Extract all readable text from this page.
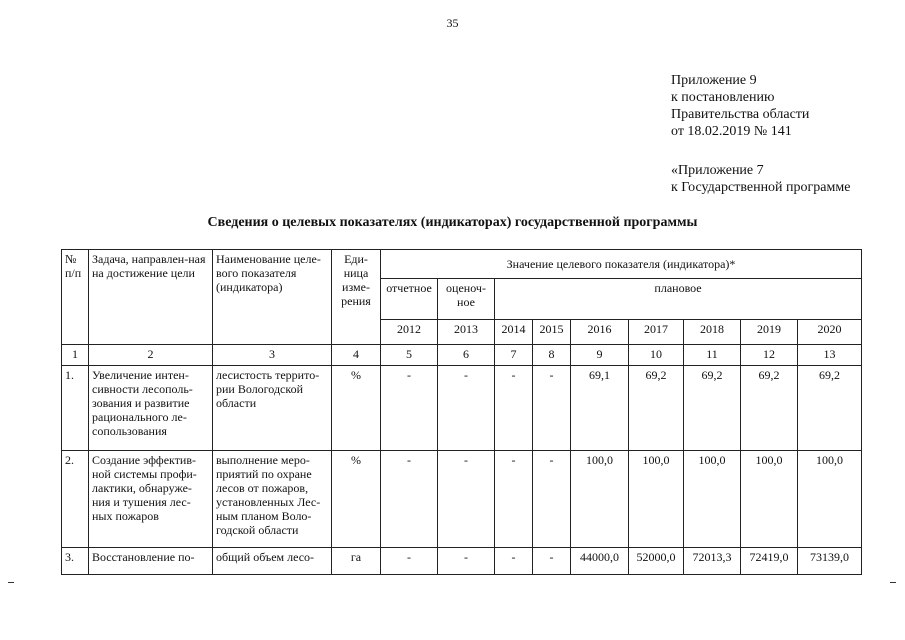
35
Приложение 9
к постановлению
Правительства области
от 18.02.2019 № 141
«Приложение 7
к Государственной программе
Сведения о целевых показателях (индикаторах) государственной программы
№ п/п	Задача, направлен-ная на достижение цели	Наименование целе-вого показателя (индикатора)	Еди-ница изме-рения	Значение целевого показателя (индикатора)*								
				отчетное	оценоч-ное	плановое						
				2012	2013	2014	2015	2016	2017	2018	2019	2020
1	2	3	4	5	6	7	8	9	10	11	12	13
1.	Увеличение интен-сивности лесополь-зования и развитие рационального ле-сопользования	лесистость террито-рии Вологодской области	%	-	-	-	-	69,1	69,2	69,2	69,2	69,2
2.	Создание эффектив-ной системы профи-лактики, обнаруже-ния и тушения лес-ных пожаров	выполнение меро-приятий по охране лесов от пожаров, установленных Лес-ным планом Воло-годской области	%	-	-	-	-	100,0	100,0	100,0	100,0	100,0
3.	Восстановление по-	общий объем лесо-	га	-	-	-	-	44000,0	52000,0	72013,3	72419,0	73139,0
